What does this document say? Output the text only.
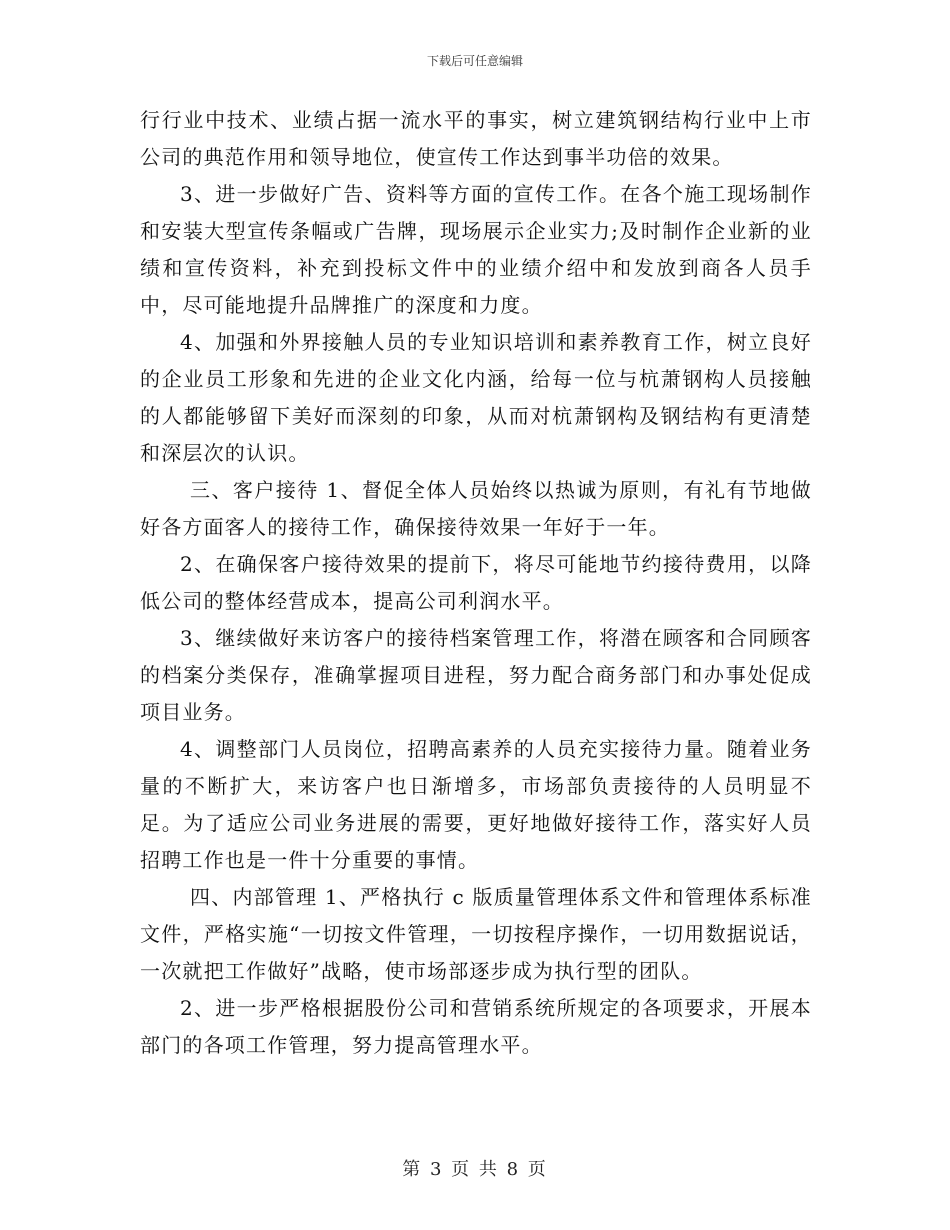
下载后可任意编辑

行行业中技术、业绩占据一流水平的事实，树立建筑钢结构行业中上市公司的典范作用和领导地位，使宣传工作达到事半功倍的效果。

3、进一步做好广告、资料等方面的宣传工作。在各个施工现场制作和安装大型宣传条幅或广告牌，现场展示企业实力;及时制作企业新的业绩和宣传资料，补充到投标文件中的业绩介绍中和发放到商各人员手中，尽可能地提升品牌推广的深度和力度。

4、加强和外界接触人员的专业知识培训和素养教育工作，树立良好的企业员工形象和先进的企业文化内涵，给每一位与杭萧钢构人员接触的人都能够留下美好而深刻的印象，从而对杭萧钢构及钢结构有更清楚和深层次的认识。

三、客户接待 1、督促全体人员始终以热诚为原则，有礼有节地做好各方面客人的接待工作，确保接待效果一年好于一年。

2、在确保客户接待效果的提前下，将尽可能地节约接待费用，以降低公司的整体经营成本，提高公司利润水平。

3、继续做好来访客户的接待档案管理工作，将潜在顾客和合同顾客的档案分类保存，准确掌握项目进程，努力配合商务部门和办事处促成项目业务。

4、调整部门人员岗位，招聘高素养的人员充实接待力量。随着业务量的不断扩大，来访客户也日渐增多，市场部负责接待的人员明显不足。为了适应公司业务进展的需要，更好地做好接待工作，落实好人员招聘工作也是一件十分重要的事情。

四、内部管理 1、严格执行 c 版质量管理体系文件和管理体系标准文件，严格实施“一切按文件管理，一切按程序操作，一切用数据说话，一次就把工作做好”战略，使市场部逐步成为执行型的团队。

2、进一步严格根据股份公司和营销系统所规定的各项要求，开展本部门的各项工作管理，努力提高管理水平。

第 3 页 共 8 页
